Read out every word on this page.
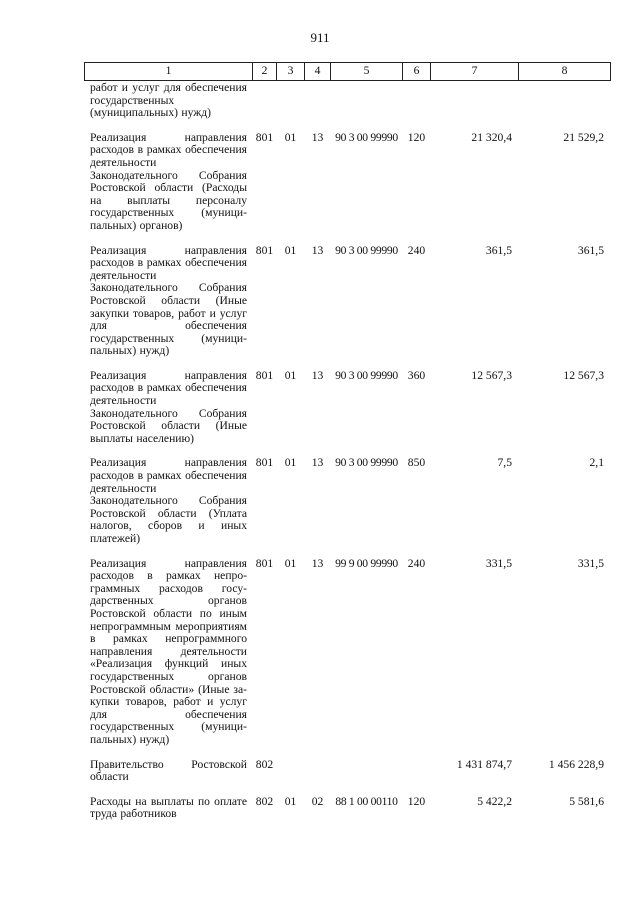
911
1	2	3	4	5	6	7	8
работ и услуг для обеспечения государственных (муниципальных) нужд)							
Реализация направления расходов в рамках обеспечения деятельности Законодательного Собрания Ростовской области (Расходы на выплаты персоналу государственных (муниципальных) органов)	801	01	13	90 3 00 99990	120	21 320,4	21 529,2
Реализация направления расходов в рамках обеспечения деятельности Законодательного Собрания Ростовской области (Иные закупки товаров, работ и услуг для обеспечения государственных (муниципальных) нужд)	801	01	13	90 3 00 99990	240	361,5	361,5
Реализация направления расходов в рамках обеспечения деятельности Законодательного Собрания Ростовской области (Иные выплаты населению)	801	01	13	90 3 00 99990	360	12 567,3	12 567,3
Реализация направления расходов в рамках обеспечения деятельности Законодательного Собрания Ростовской области (Уплата налогов, сборов и иных платежей)	801	01	13	90 3 00 99990	850	7,5	2,1
Реализация направления расходов в рамках непрограммных расходов государственных органов Ростовской области по иным непрограммным мероприятиям в рамках непрограммного направления деятельности «Реализация функций иных государственных органов Ростовской области» (Иные закупки товаров, работ и услуг для обеспечения государственных (муниципальных) нужд)	801	01	13	99 9 00 99990	240	331,5	331,5
Правительство Ростовской области	802					1 431 874,7	1 456 228,9
Расходы на выплаты по оплате труда работников	802	01	02	88 1 00 00110	120	5 422,2	5 581,6
